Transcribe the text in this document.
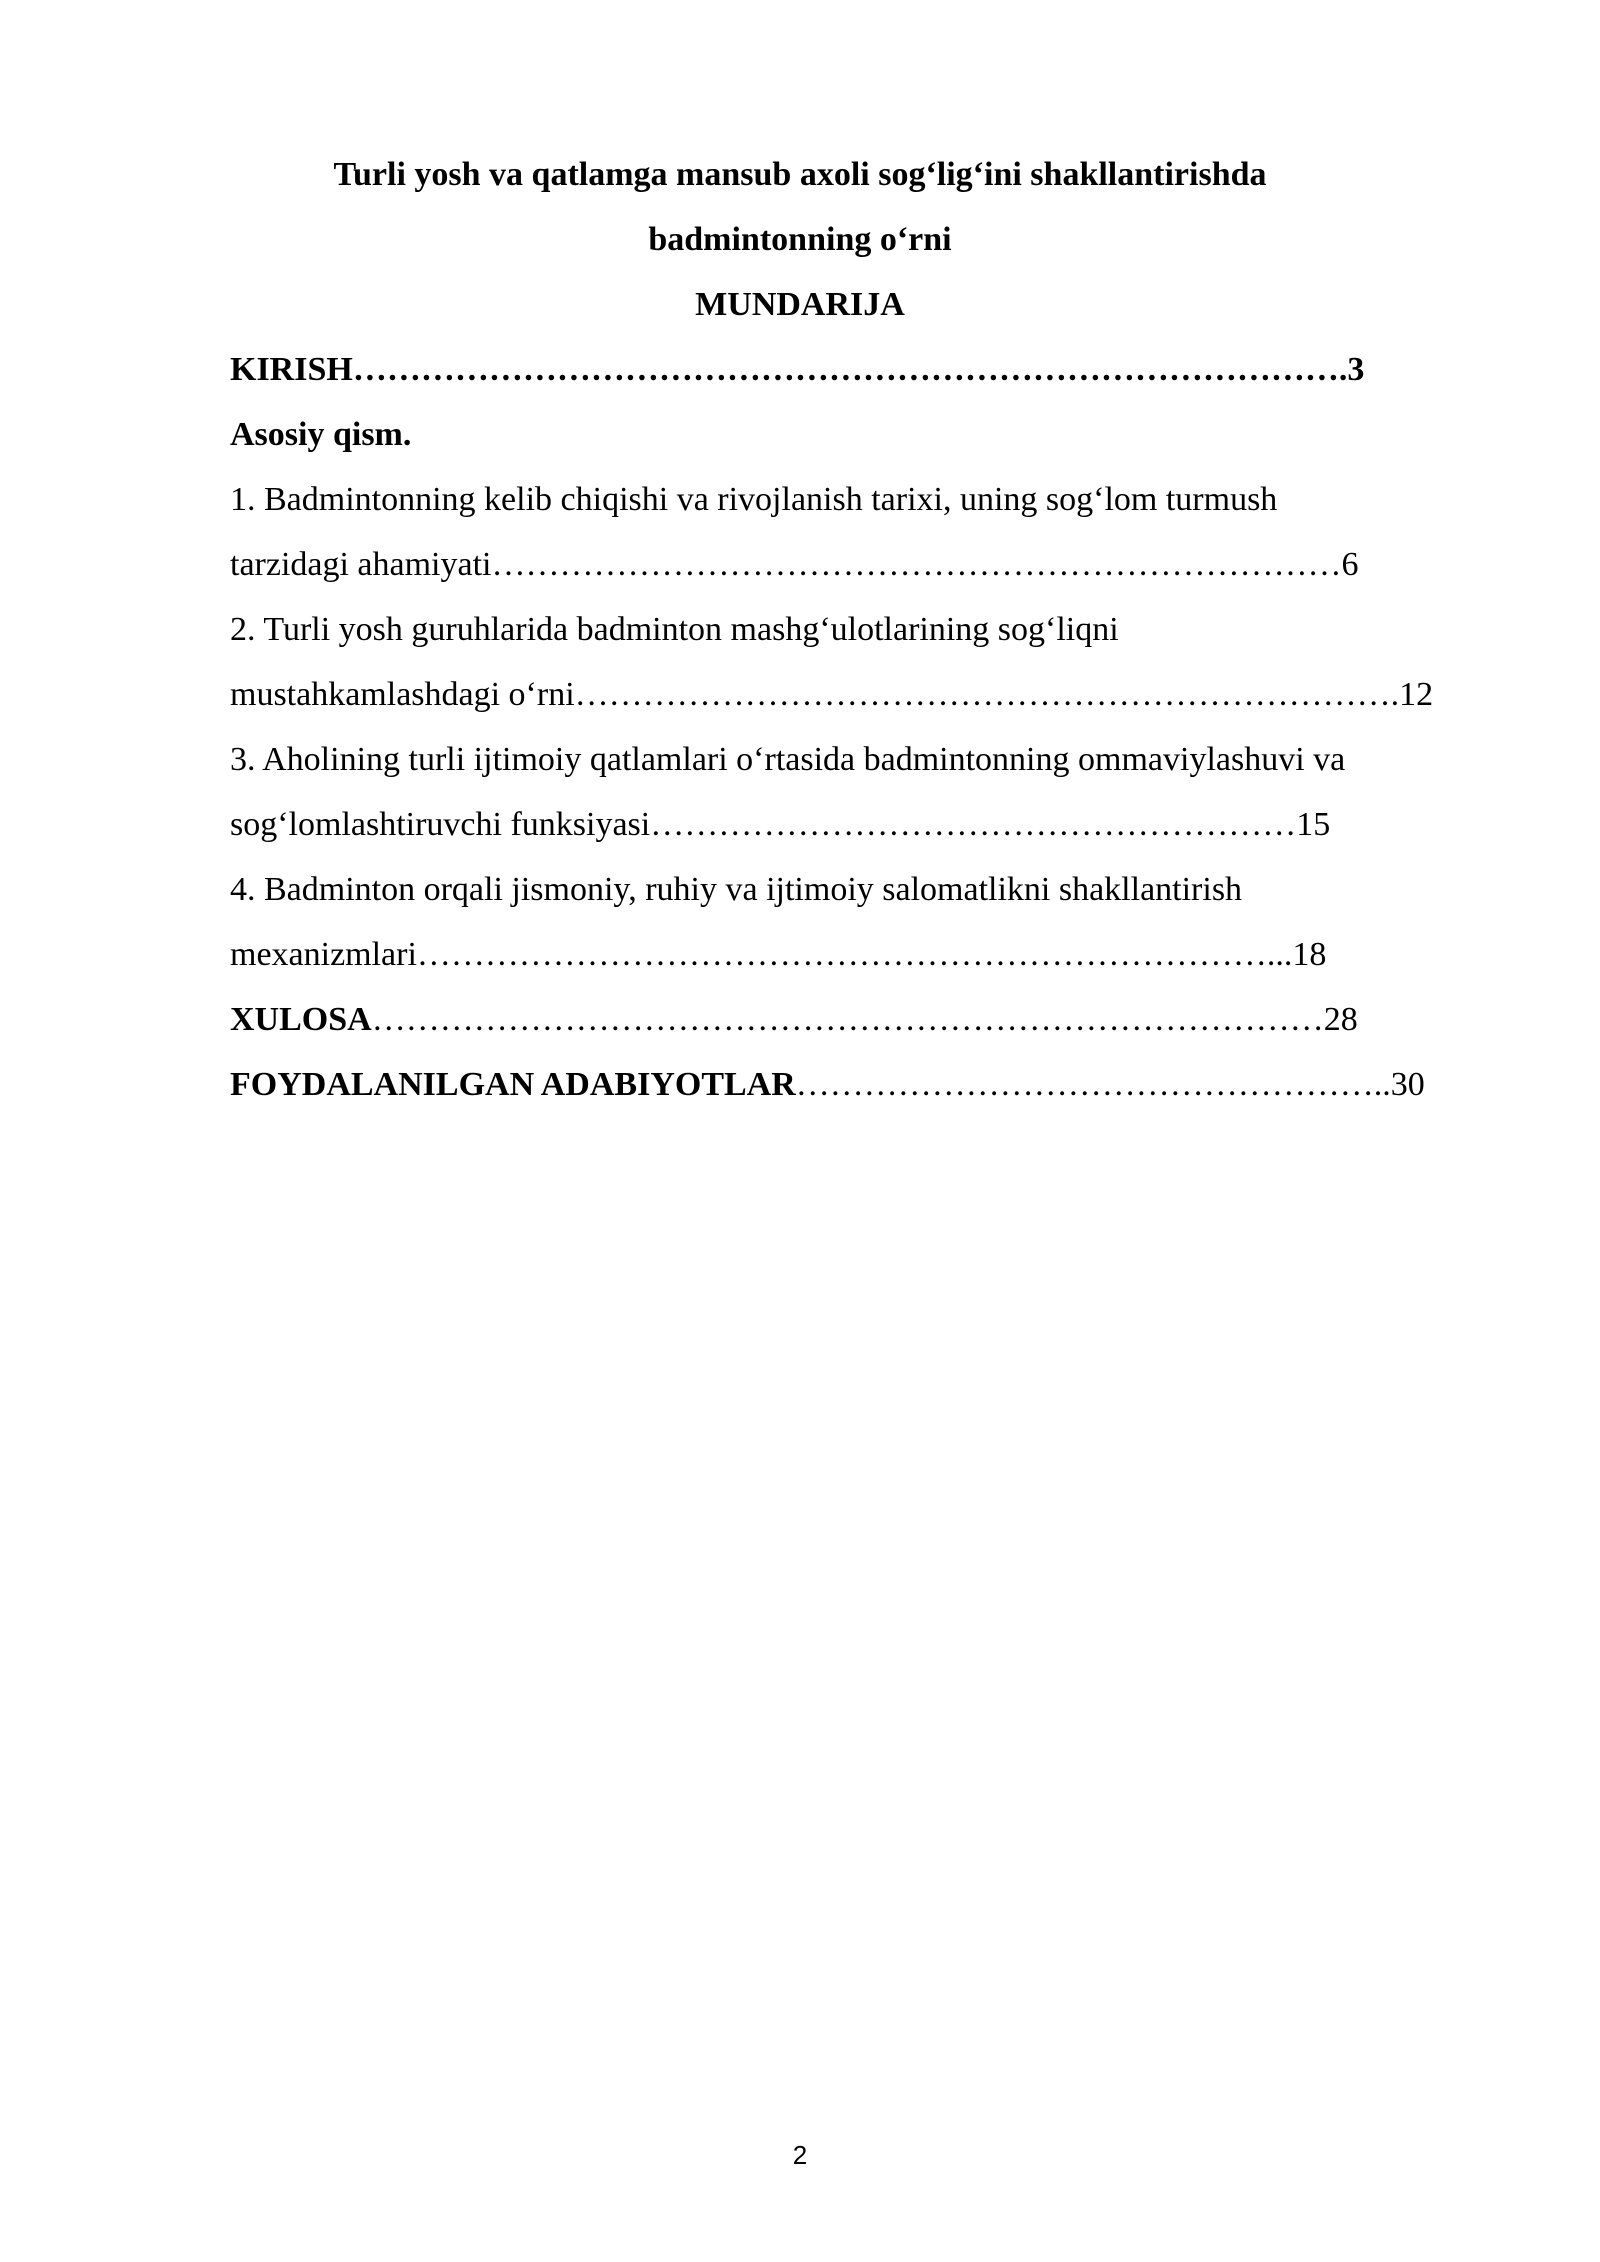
Turli yosh va qatlamga mansub axoli sog‘lig‘ini shakllantirishda
badmintonning o‘rni
MUNDARIJA
KIRISH…………………………………………………………………………….3
Asosiy qism.
1. Badmintonning kelib chiqishi va rivojlanish tarixi, uning sog‘lom turmush
tarzidagi ahamiyati…………………………………………………………………6
2. Turli yosh guruhlarida badminton mashg‘ulotlarining sog‘liqni
mustahkamlashdagi o‘rni……………………………………………………………….12
3. Aholining turli ijtimoiy qatlamlari o‘rtasida badmintonning ommaviylashuvi va
sog‘lomlashtiruvchi funksiyasi…………………………………………………15
4. Badminton orqali jismoniy, ruhiy va ijtimoiy salomatlikni shakllantirish
mexanizmlari…………………………………………………………………...18
XULOSA…………………………………………………………………………28
FOYDALANILGAN ADABIYOTLAR……………………………………………..30
2
